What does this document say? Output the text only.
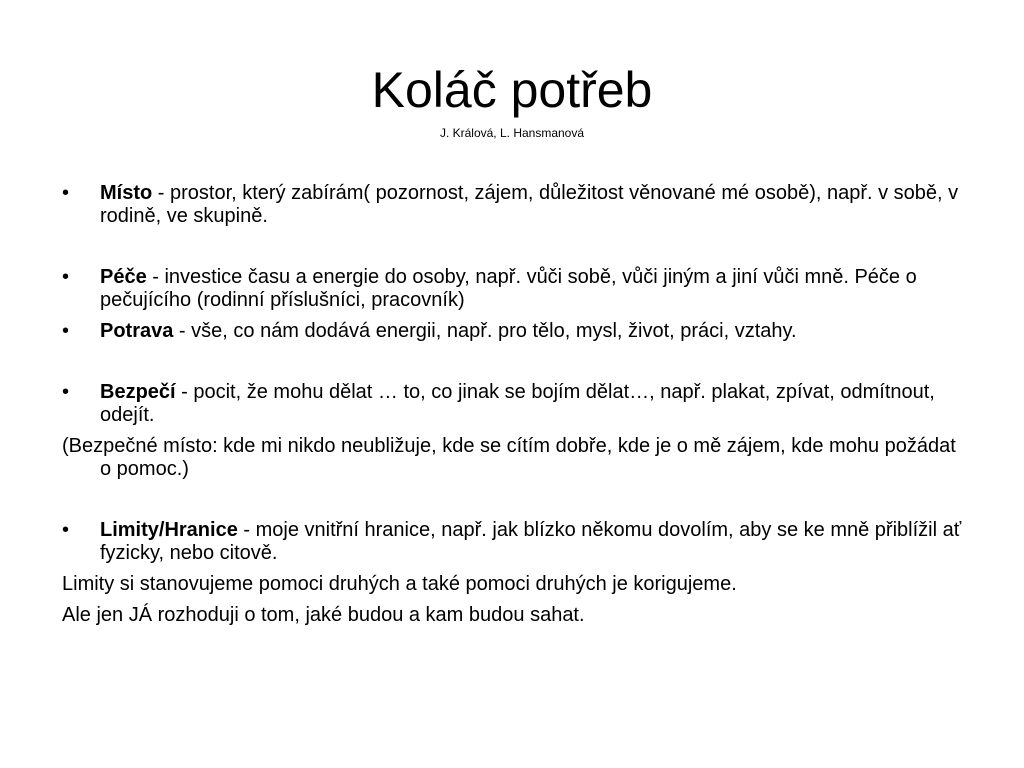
Koláč potřeb
J. Králová, L. Hansmanová

•	Místo - prostor, který zabírám( pozornost, zájem, důležitost věnované mé osobě), např. v sobě, v rodině, ve skupině.

•	Péče - investice času a energie do osoby, např. vůči sobě, vůči jiným a jiní vůči mně. Péče o pečujícího (rodinní příslušníci, pracovník)

•	Potrava - vše, co nám dodává energii, např. pro tělo, mysl, život, práci, vztahy.

•	Bezpečí - pocit, že mohu dělat … to, co jinak se bojím dělat…, např. plakat, zpívat, odmítnout, odejít.

(Bezpečné místo: kde mi nikdo neubližuje, kde se cítím dobře, kde je o mě zájem, kde mohu požádat o pomoc.)

•	Limity/Hranice - moje vnitřní hranice, např. jak blízko někomu dovolím, aby se ke mně přiblížil ať fyzicky, nebo citově.

Limity si stanovujeme pomoci druhých a také pomoci druhých je korigujeme.

Ale jen JÁ rozhoduji o tom, jaké budou a kam budou sahat.
